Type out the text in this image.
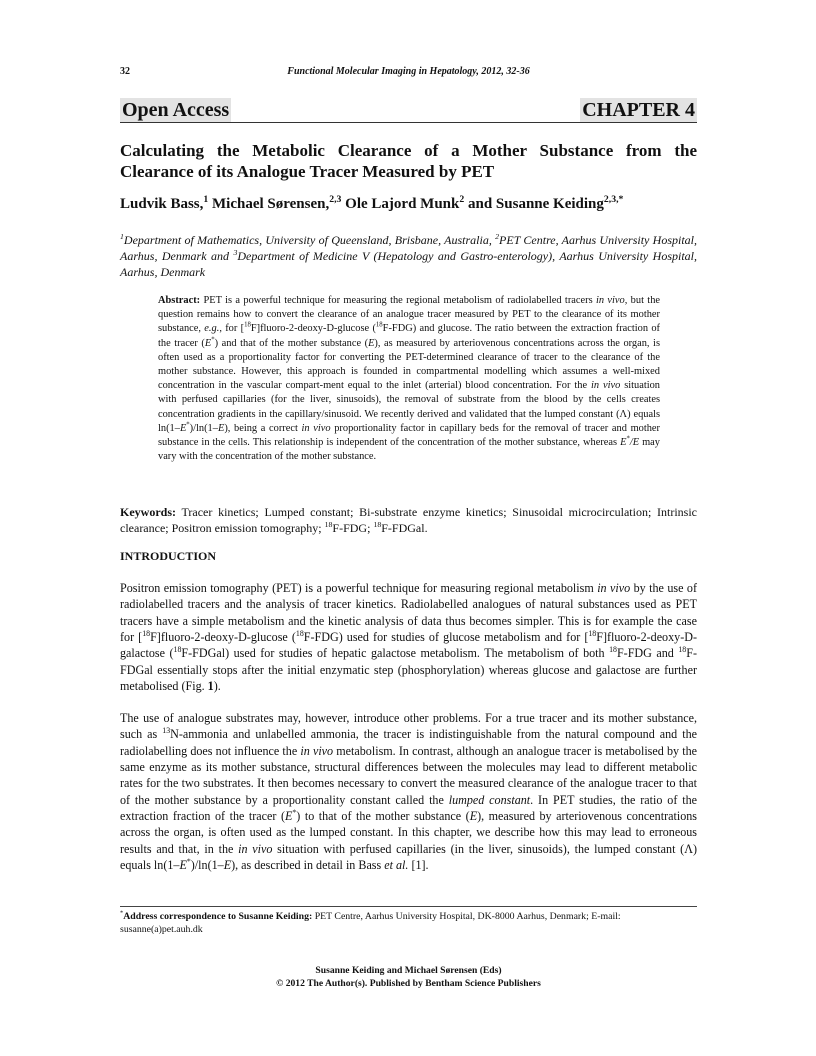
32	Functional Molecular Imaging in Hepatology, 2012, 32-36
Open Access	CHAPTER 4
Calculating the Metabolic Clearance of a Mother Substance from the Clearance of its Analogue Tracer Measured by PET
Ludvik Bass,$^1$ Michael Sørensen,$^{2,3}$ Ole Lajord Munk$^2$ and Susanne Keiding$^{2,3,*}$
$^1$Department of Mathematics, University of Queensland, Brisbane, Australia, $^2$PET Centre, Aarhus University Hospital, Aarhus, Denmark and $^3$Department of Medicine V (Hepatology and Gastro-enterology), Aarhus University Hospital, Aarhus, Denmark
Abstract: PET is a powerful technique for measuring the regional metabolism of radiolabelled tracers in vivo, but the question remains how to convert the clearance of an analogue tracer measured by PET to the clearance of its mother substance, e.g., for [$^{18}$F]fluoro-2-deoxy-D-glucose ($^{18}$F-FDG) and glucose. The ratio between the extraction fraction of the tracer (E*) and that of the mother substance (E), as measured by arteriovenous concentrations across the organ, is often used as a proportionality factor for converting the PET-determined clearance of tracer to the clearance of the mother substance. However, this approach is founded in compartmental modelling which assumes a well-mixed concentration in the vascular compart-ment equal to the inlet (arterial) blood concentration. For the in vivo situation with perfused capillaries (for the liver, sinusoids), the removal of substrate from the blood by the cells creates concentration gradients in the capillary/sinusoid. We recently derived and validated that the lumped constant (Λ) equals ln(1–E*)/ln(1–E), being a correct in vivo proportionality factor in capillary beds for the removal of tracer and mother substance in the cells. This relationship is independent of the concentration of the mother substance, whereas E*/E may vary with the concentration of the mother substance.
Keywords: Tracer kinetics; Lumped constant; Bi-substrate enzyme kinetics; Sinusoidal microcirculation; Intrinsic clearance; Positron emission tomography; $^{18}$F-FDG; $^{18}$F-FDGal.
INTRODUCTION
Positron emission tomography (PET) is a powerful technique for measuring regional metabolism in vivo by the use of radiolabelled tracers and the analysis of tracer kinetics. Radiolabelled analogues of natural substances used as PET tracers have a simple metabolism and the kinetic analysis of data thus becomes simpler. This is for example the case for [$^{18}$F]fluoro-2-deoxy-D-glucose ($^{18}$F-FDG) used for studies of glucose metabolism and for [$^{18}$F]fluoro-2-deoxy-D-galactose ($^{18}$F-FDGal) used for studies of hepatic galactose metabolism. The metabolism of both $^{18}$F-FDG and $^{18}$F-FDGal essentially stops after the initial enzymatic step (phosphorylation) whereas glucose and galactose are further metabolised (Fig. 1).
The use of analogue substrates may, however, introduce other problems. For a true tracer and its mother substance, such as $^{13}$N-ammonia and unlabelled ammonia, the tracer is indistinguishable from the natural compound and the radiolabelling does not influence the in vivo metabolism. In contrast, although an analogue tracer is metabolised by the same enzyme as its mother substance, structural differences between the molecules may lead to different metabolic rates for the two substrates. It then becomes necessary to convert the measured clearance of the analogue tracer to that of the mother substance by a proportionality constant called the lumped constant. In PET studies, the ratio of the extraction fraction of the tracer (E*) to that of the mother substance (E), measured by arteriovenous concentrations across the organ, is often used as the lumped constant. In this chapter, we describe how this may lead to erroneous results and that, in the in vivo situation with perfused capillaries (in the liver, sinusoids), the lumped constant (Λ) equals ln(1–E*)/ln(1–E), as described in detail in Bass et al. [1].
*Address correspondence to Susanne Keiding: PET Centre, Aarhus University Hospital, DK-8000 Aarhus, Denmark; E-mail: susanne(a)pet.auh.dk
Susanne Keiding and Michael Sørensen (Eds)
© 2012 The Author(s). Published by Bentham Science Publishers
